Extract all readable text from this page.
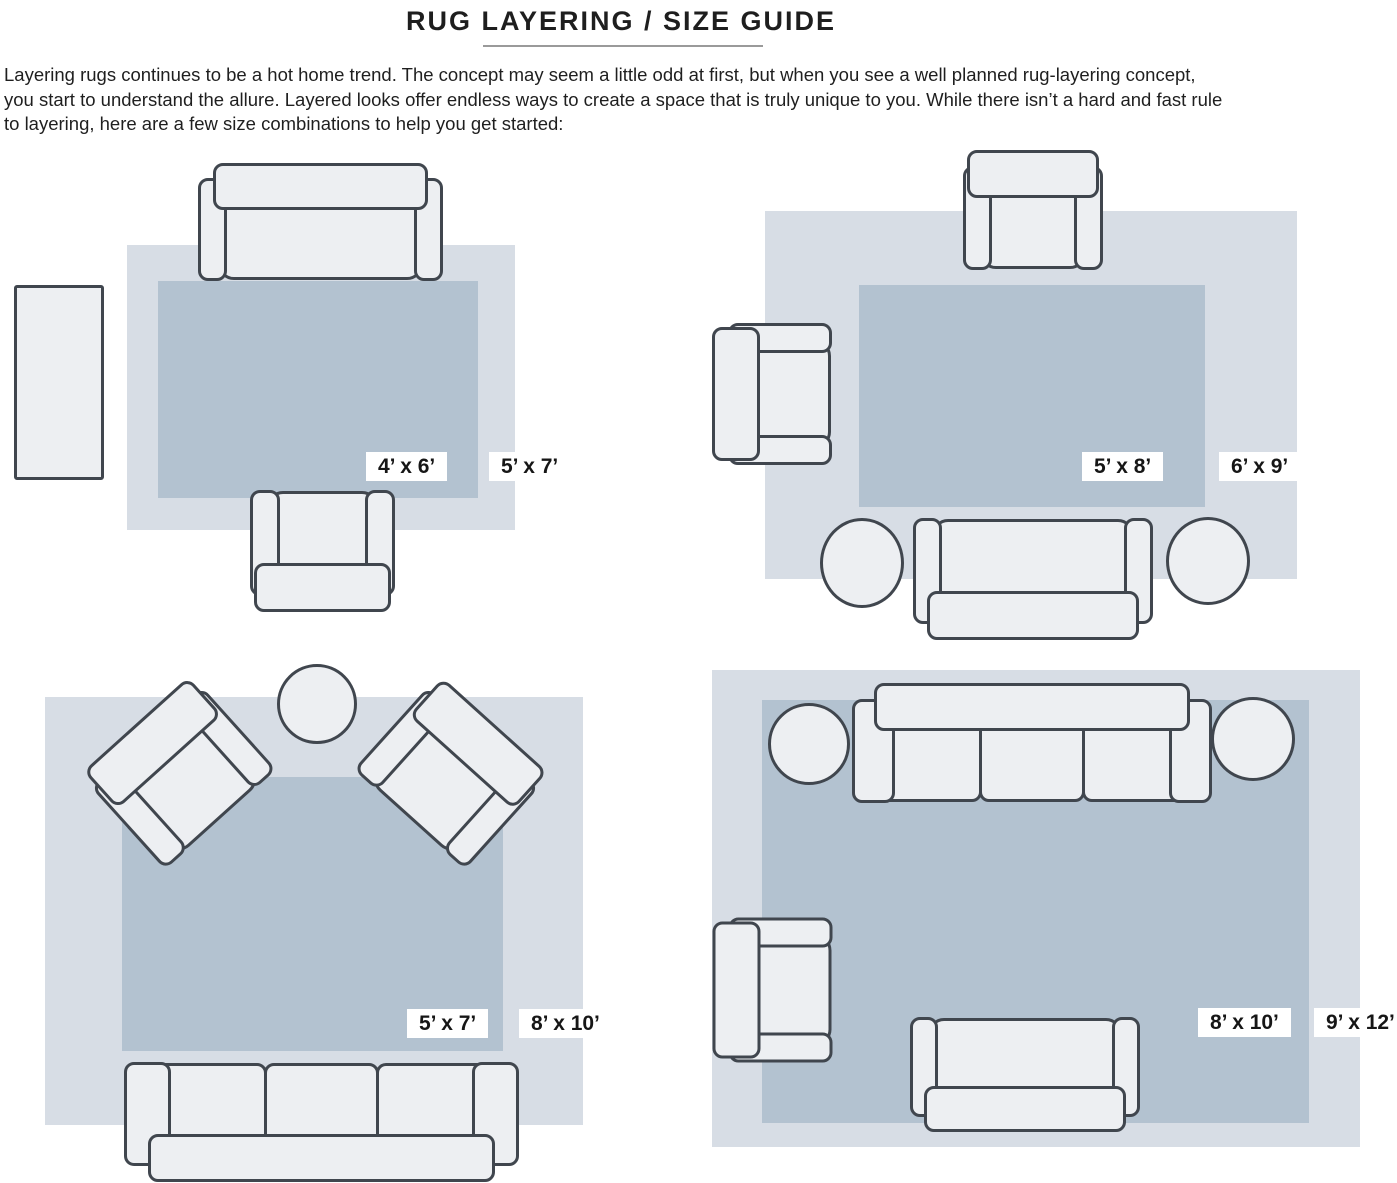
RUG LAYERING / SIZE GUIDE
Layering rugs continues to be a hot home trend. The concept may seem a little odd at first, but when you see a well planned rug-layering concept,
you start to understand the allure. Layered looks offer endless ways to create a space that is truly unique to you. While there isn’t a hard and fast rule
to layering, here are a few size combinations to help you get started:
4’ x 6’	5’ x 7’	5’ x 8’	6’ x 9’
5’ x 7’	8’ x 10’	8’ x 10’	9’ x 12’
